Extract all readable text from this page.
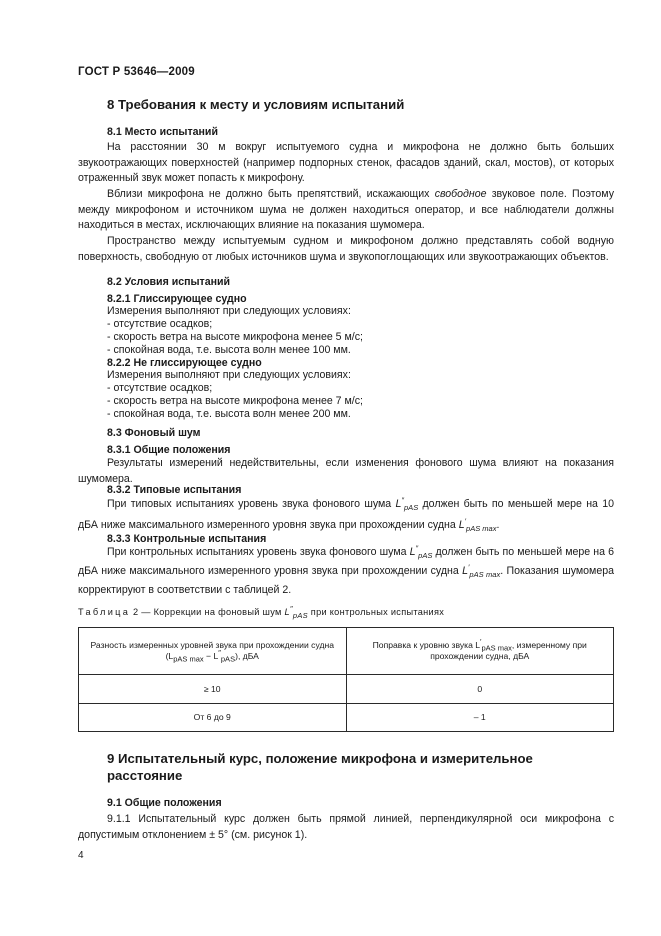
ГОСТ Р 53646—2009
8 Требования к месту и условиям испытаний
8.1 Место испытаний
На расстоянии 30 м вокруг испытуемого судна и микрофона не должно быть больших звукоотражающих поверхностей (например подпорных стенок, фасадов зданий, скал, мостов), от которых отраженный звук может попасть к микрофону.
Вблизи микрофона не должно быть препятствий, искажающих свободное звуковое поле. Поэтому между микрофоном и источником шума не должен находиться оператор, и все наблюдатели должны находиться в местах, исключающих влияние на показания шумомера.
Пространство между испытуемым судном и микрофоном должно представлять собой водную поверхность, свободную от любых источников шума и звукопоглощающих или звукоотражающих объектов.
8.2 Условия испытаний
8.2.1 Глиссирующее судно
Измерения выполняют при следующих условиях:
- отсутствие осадков;
- скорость ветра на высоте микрофона менее 5 м/с;
- спокойная вода, т.е. высота волн менее 100 мм.
8.2.2 Не глиссирующее судно
Измерения выполняют при следующих условиях:
- отсутствие осадков;
- скорость ветра на высоте микрофона менее 7 м/с;
- спокойная вода, т.е. высота волн менее 200 мм.
8.3 Фоновый шум
8.3.1 Общие положения
Результаты измерений недействительны, если изменения фонового шума влияют на показания шумомера.
8.3.2 Типовые испытания
При типовых испытаниях уровень звука фонового шума $L''_{pAS}$ должен быть по меньшей мере на 10 дБА ниже максимального измеренного уровня звука при прохождении судна $L'_{pAS max}$.
8.3.3 Контрольные испытания
При контрольных испытаниях уровень звука фонового шума $L''_{pAS}$ должен быть по меньшей мере на 6 дБА ниже максимального измеренного уровня звука при прохождении судна $L'_{pAS max}$. Показания шумомера корректируют в соответствии с таблицей 2.
Таблица 2 — Коррекции на фоновый шум $L''_{pAS}$ при контрольных испытаниях
Разность измеренных уровней звука при прохождении судна
$(L_{pAS max} - L''_{pAS})$, дБА	Поправка к уровню звука $L'_{pAS max}$, измеренному при прохождении судна, дБА
≥ 10	0
От 6 до 9	– 1
9 Испытательный курс, положение микрофона и измерительное
расстояние
9.1 Общие положения
9.1.1 Испытательный курс должен быть прямой линией, перпендикулярной оси микрофона с допустимым отклонением ± 5° (см. рисунок 1).
4
